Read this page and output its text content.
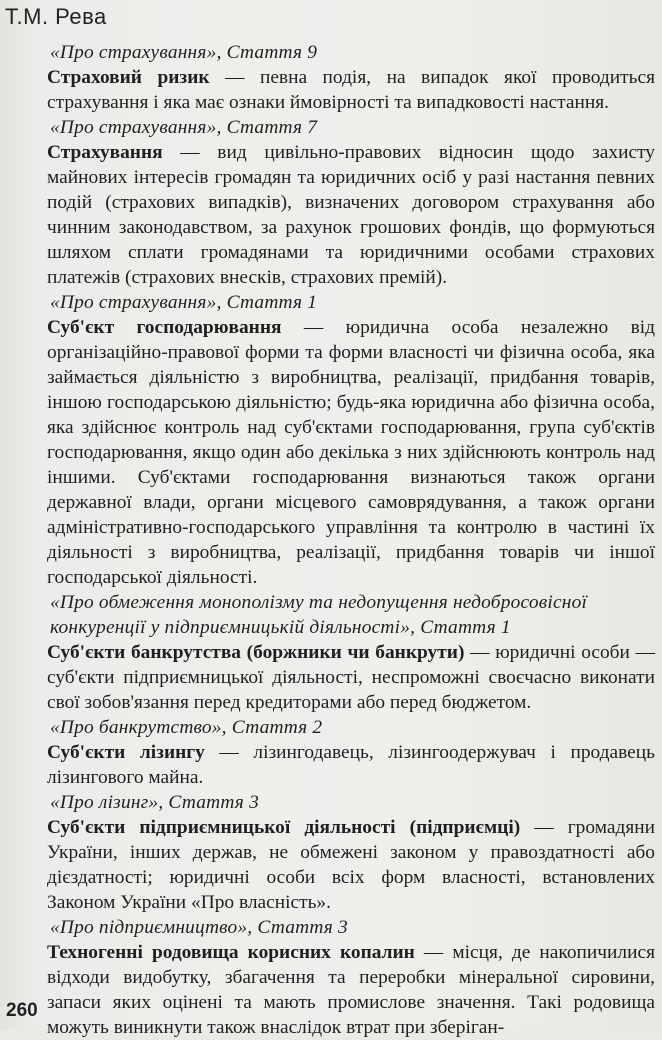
Т.М. Рева

«Про страхування», Стаття 9

Страховий ризик — певна подія, на випадок якої проводиться страхування і яка має ознаки ймовірності та випадковості настання.

«Про страхування», Стаття 7

Страхування — вид цивільно-правових відносин щодо захисту майнових інтересів громадян та юридичних осіб у разі настання певних подій (страхових випадків), визначених договором страхування або чинним законодавством, за рахунок грошових фондів, що формуються шляхом сплати громадянами та юридичними особами страхових платежів (страхових внесків, страхових премій).

«Про страхування», Стаття 1

Суб'єкт господарювання — юридична особа незалежно від організаційно-правової форми та форми власності чи фізична особа, яка займається діяльністю з виробництва, реалізації, придбання товарів, іншою господарською діяльністю; будь-яка юридична або фізична особа, яка здійснює контроль над суб'єктами господарювання, група суб'єктів господарювання, якщо один або декілька з них здійснюють контроль над іншими. Суб'єктами господарювання визнаються також органи державної влади, органи місцевого самоврядування, а також органи адміністративно-господарського управління та контролю в частині їх діяльності з виробництва, реалізації, придбання товарів чи іншої господарської діяльності.

«Про обмеження монополізму та недопущення недобросовісної конкуренції у підприємницькій діяльності», Стаття 1

Суб'єкти банкрутства (боржники чи банкрути) — юридичні особи — суб'єкти підприємницької діяльності, неспроможні своєчасно виконати свої зобов'язання перед кредиторами або перед бюджетом.

«Про банкрутство», Стаття 2

Суб'єкти лізингу — лізингодавець, лізингоодержувач і продавець лізингового майна.

«Про лізинг», Стаття 3

Суб'єкти підприємницької діяльності (підприємці) — громадяни України, інших держав, не обмежені законом у правоздатності або дієздатності; юридичні особи всіх форм власності, встановлених Законом України «Про власність».

«Про підприємництво», Стаття 3

Техногенні родовища корисних копалин — місця, де накопичилися відходи видобутку, збагачення та переробки мінеральної сировини, запаси яких оцінені та мають промислове значення. Такі родовища можуть виникнути також внаслідок втрат при зберіган-

260
